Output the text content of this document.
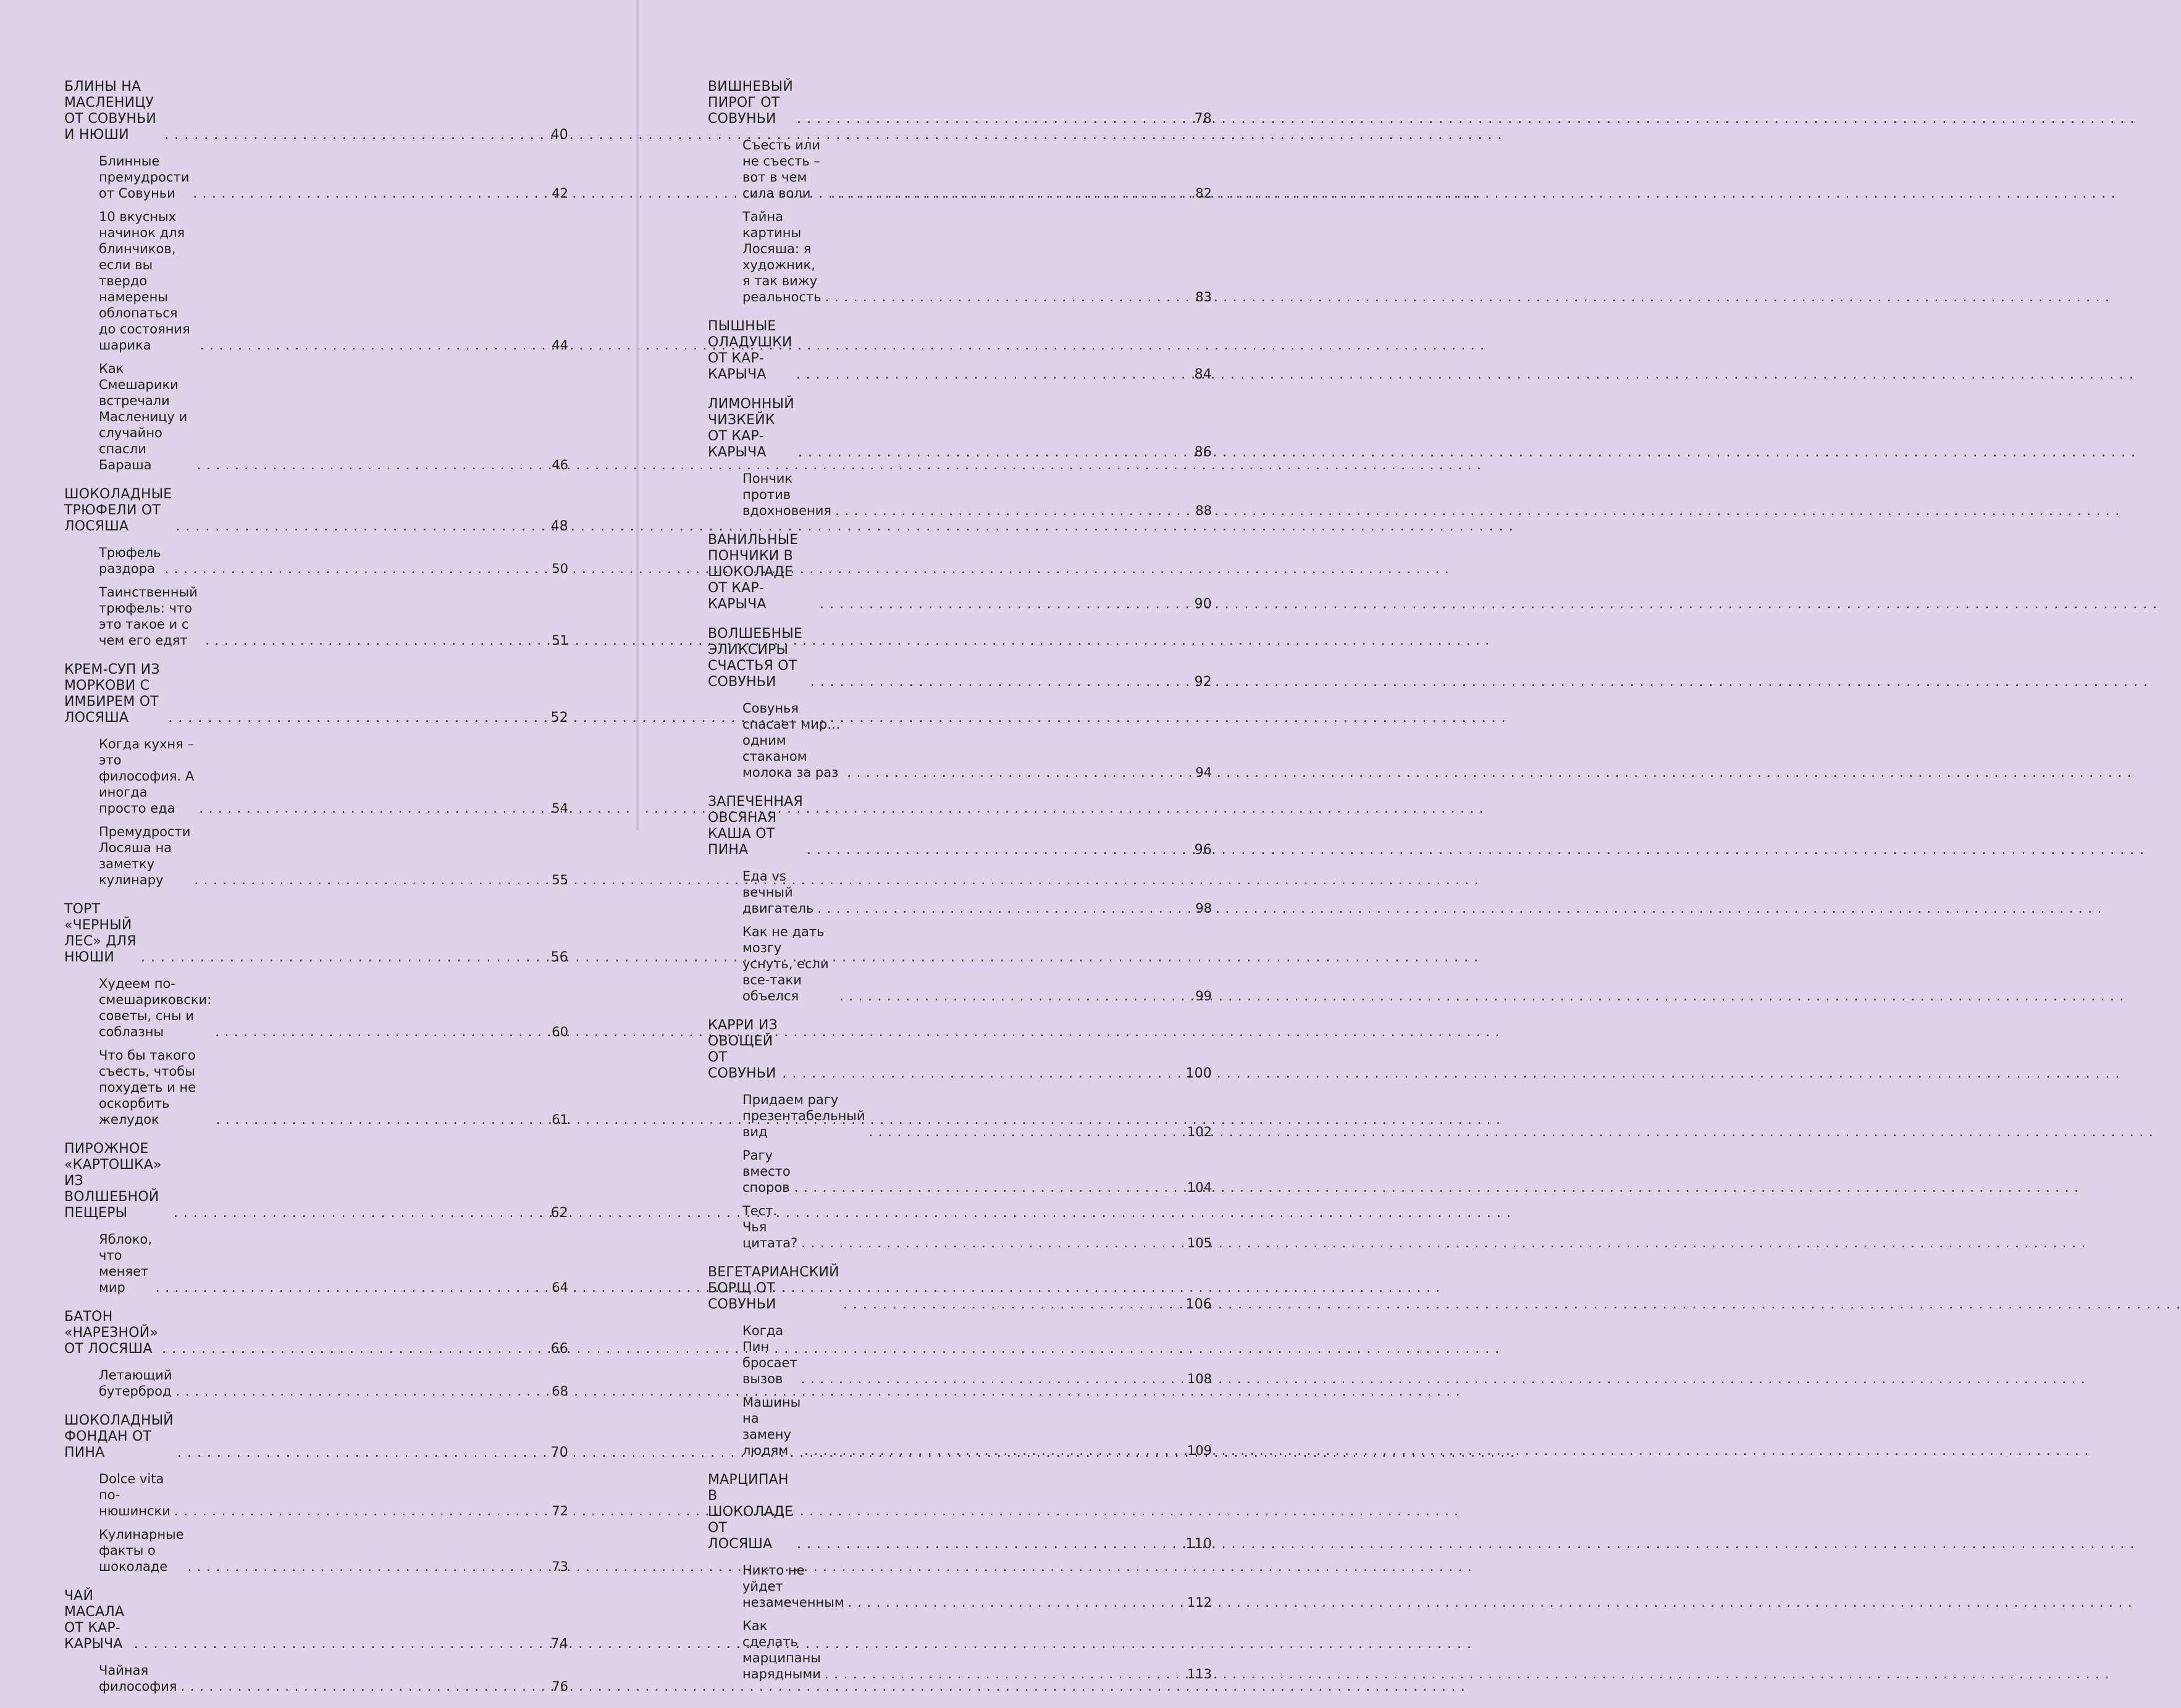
БЛИНЫ НА МАСЛЕНИЦУ ОТ СОВУНЬИ И НЮШИ . . .	40
Блинные премудрости от Совуньи . . .	42
10 вкусных начинок для блинчиков, если вы твердо
намерены облопаться до состояния шарика . . .	44
Как Смешарики встречали Масленицу и случайно
спасли Бараша . . .	46
ШОКОЛАДНЫЕ ТРЮФЕЛИ ОТ ЛОСЯША . . .	48
Трюфель раздора . . .	50
Таинственный трюфель: что это такое и с чем его едят . . .	51
КРЕМ-СУП ИЗ МОРКОВИ С ИМБИРЕМ ОТ ЛОСЯША . . .	52
Когда кухня – это философия. А иногда просто еда . . .	54
Премудрости Лосяша на заметку кулинару . . .	55
ТОРТ «ЧЕРНЫЙ ЛЕС» ДЛЯ НЮШИ . . .	56
Худеем по-смешариковски: советы, сны и соблазны . . .	60
Что бы такого съесть, чтобы похудеть и не оскорбить желудок . . .	61
ПИРОЖНОЕ «КАРТОШКА» ИЗ ВОЛШЕБНОЙ ПЕЩЕРЫ . . .	62
Яблоко, что меняет мир . . .	64
БАТОН «НАРЕЗНОЙ» ОТ ЛОСЯША . . .	66
Летающий бутерброд . . .	68
ШОКОЛАДНЫЙ ФОНДАН ОТ ПИНА . . .	70
Dolce vita по-нюшински . . .	72
Кулинарные факты о шоколаде . . .	73
ЧАЙ МАСАЛА ОТ КАР-КАРЫЧА . . .	74
Чайная философия . . .	76
ВИШНЕВЫЙ ПИРОГ ОТ СОВУНЬИ . . .	78
Съесть или не съесть – вот в чем сила воли . . .	82
Тайна картины Лосяша: я художник,
я так вижу реальность . . .	83
ПЫШНЫЕ ОЛАДУШКИ ОТ КАР-КАРЫЧА . . .	84
ЛИМОННЫЙ ЧИЗКЕЙК ОТ КАР-КАРЫЧА . . .	86
Пончик против вдохновения . . .	88
ВАНИЛЬНЫЕ ПОНЧИКИ В ШОКОЛАДЕ ОТ КАР-КАРЫЧА . . .	90
ВОЛШЕБНЫЕ ЭЛИКСИРЫ СЧАСТЬЯ ОТ СОВУНЬИ . . .	92
Совунья спасает мир… одним стаканом молока за раз . . .	94
ЗАПЕЧЕННАЯ ОВСЯНАЯ КАША ОТ ПИНА . . .	96
Еда vs вечный двигатель . . .	98
Как не дать мозгу уснуть, если все-таки объелся . . .	99
КАРРИ ИЗ ОВОЩЕЙ ОТ СОВУНЬИ . . .	100
Придаем рагу презентабельный вид . . .	102
Рагу вместо споров . . .	104
Тест. Чья цитата? . . .	105
ВЕГЕТАРИАНСКИЙ БОРЩ ОТ СОВУНЬИ . . .	106
Когда Пин бросает вызов . . .	108
Машины на замену людям . . .	109
МАРЦИПАН В ШОКОЛАДЕ ОТ ЛОСЯША . . .	110
Никто не уйдет незамеченным . . .	112
Как сделать марципаны нарядными . . .	113
